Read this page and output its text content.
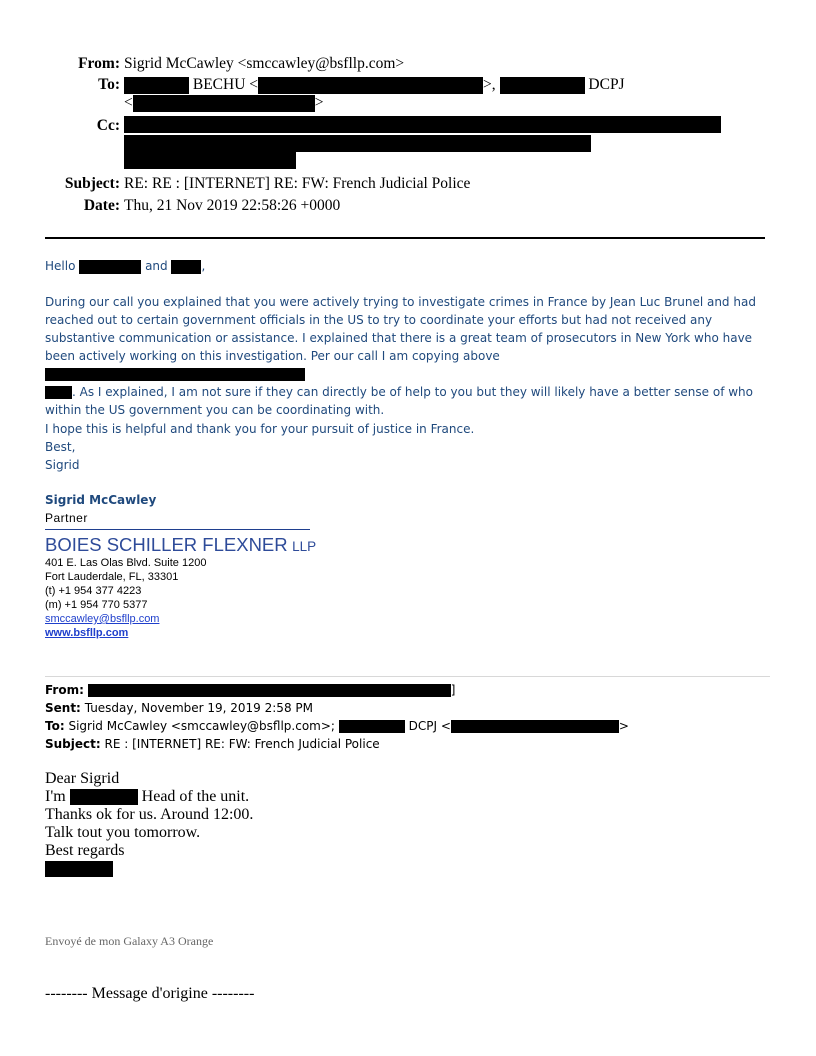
From: Sigrid McCawley <smccawley@bsfllp.com>
To:	BECHU <	>,	DCPJ
<	>
Cc:
Subject: RE: RE : [INTERNET] RE: FW: French Judicial Police
Date: Thu, 21 Nov 2019 22:58:26 +0000
Hello	and	,
During our call you explained that you were actively trying to investigate crimes in France by Jean Luc Brunel and had
reached out to certain government officials in the US to try to coordinate your efforts but had not received any
substantive communication or assistance. I explained that there is a great team of prosecutors in New York who have
been actively working on this investigation. Per our call I am copying above
. As I explained, I am not sure if they can directly be of help to you but they will likely have a better sense of who
within the US government you can be coordinating with.
I hope this is helpful and thank you for your pursuit of justice in France.
Best,
Sigrid
Sigrid McCawley
Partner
BOIES SCHILLER FLEXNER LLP
401 E. Las Olas Blvd. Suite 1200
Fort Lauderdale, FL, 33301
(t) +1 954 377 4223
(m) +1 954 770 5377
smccawley@bsfllp.com
www.bsfllp.com
From:	]
Sent: Tuesday, November 19, 2019 2:58 PM
To: Sigrid McCawley <smccawley@bsfllp.com>;	DCPJ <	>
Subject: RE : [INTERNET] RE: FW: French Judicial Police
Dear Sigrid
I'm	Head of the unit.
Thanks ok for us. Around 12:00.
Talk tout you tomorrow.
Best regards
Envoyé de mon Galaxy A3 Orange
-------- Message d'origine --------
